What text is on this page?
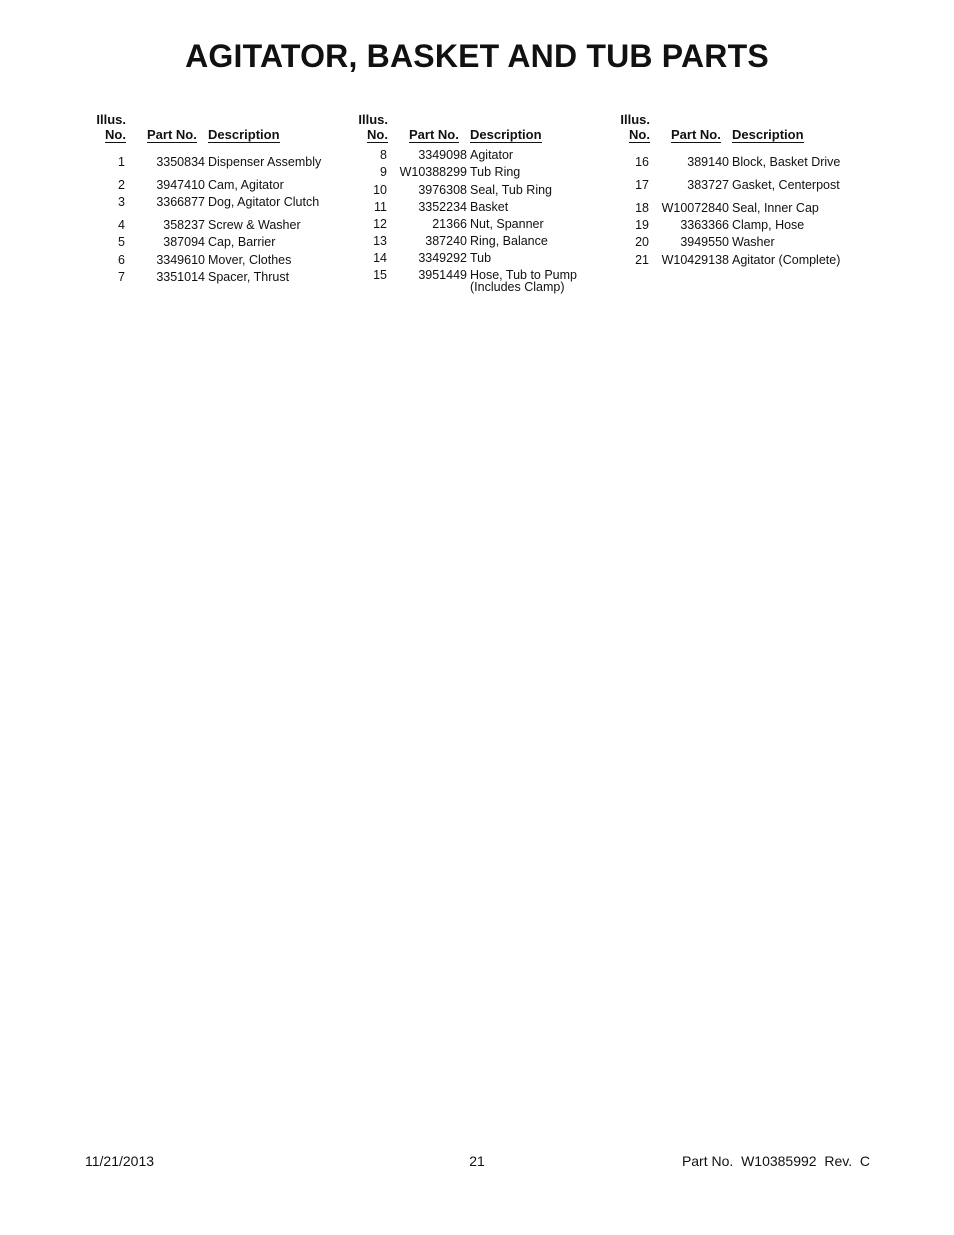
AGITATOR, BASKET AND TUB PARTS
Illus.
No. Part No. Description
1	3350834 Dispenser Assembly
2	3947410 Cam, Agitator
3	3366877 Dog, Agitator Clutch
4	358237 Screw & Washer
5	387094 Cap, Barrier
6	3349610 Mover, Clothes
7	3351014 Spacer, Thrust
Illus.
No. Part No. Description
8	3349098 Agitator
9	W10388299 Tub Ring
10	3976308 Seal, Tub Ring
11	3352234 Basket
12	21366 Nut, Spanner
13	387240 Ring, Balance
14	3349292 Tub
15	3951449 Hose, Tub to Pump
(Includes Clamp)
Illus.
No. Part No. Description
16	389140 Block, Basket Drive
17	383727 Gasket, Centerpost
18	W10072840 Seal, Inner Cap
19	3363366 Clamp, Hose
20	3949550 Washer
21	W10429138 Agitator (Complete)
11/21/2013	21	Part No.  W10385992  Rev.  C
